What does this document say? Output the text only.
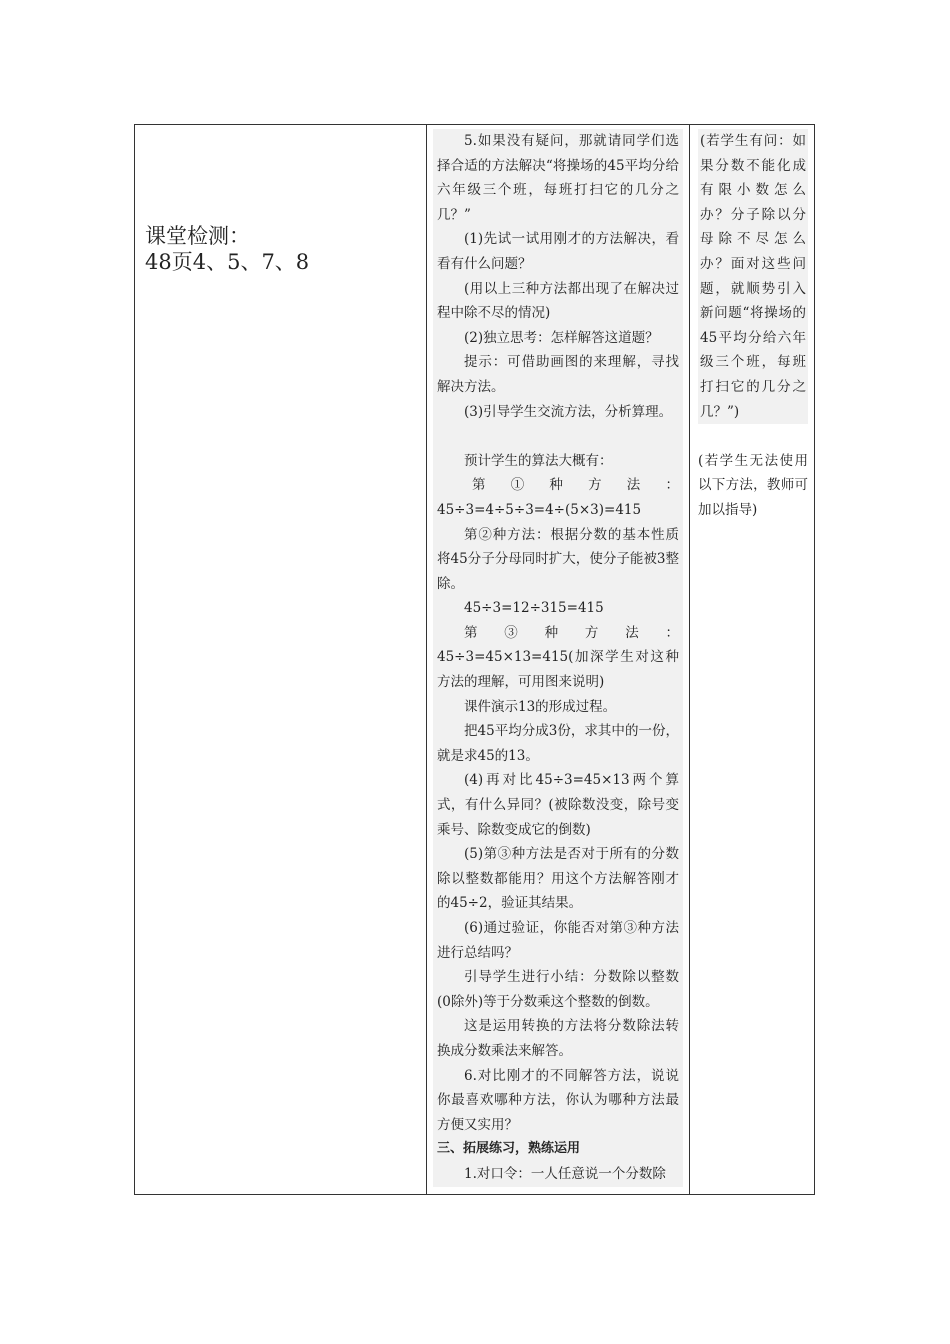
课堂检测：
48页4、5、7、8

5.如果没有疑问，那就请同学们选择合适的方法解决“将操场的45平均分给六年级三个班，每班打扫它的几分之几？”

(1)先试一试用刚才的方法解决，看看有什么问题？

(用以上三种方法都出现了在解决过程中除不尽的情况)

(2)独立思考：怎样解答这道题？

提示：可借助画图的来理解，寻找解决方法。

(3)引导学生交流方法，分析算理。

预计学生的算法大概有：

第 ① 种 方 法 ：

45÷3=4÷5÷3=4÷(5×3)=415

第②种方法：根据分数的基本性质将45分子分母同时扩大，使分子能被3整除。

45÷3=12÷315=415

第③种方法：45÷3=45×13=415(加深学生对这种方法的理解，可用图来说明)

课件演示13的形成过程。

把45平均分成3份，求其中的一份，就是求45的13。

(4)再对比45÷3=45×13两个算式，有什么异同？(被除数没变，除号变乘号、除数变成它的倒数)

(5)第③种方法是否对于所有的分数除以整数都能用？用这个方法解答刚才的45÷2，验证其结果。

(6)通过验证，你能否对第③种方法进行总结吗？

引导学生进行小结：分数除以整数(0除外)等于分数乘这个整数的倒数。

这是运用转换的方法将分数除法转换成分数乘法来解答。

6.对比刚才的不同解答方法，说说你最喜欢哪种方法，你认为哪种方法最方便又实用？

三、拓展练习，熟练运用

1.对口令：一人任意说一个分数除

(若学生有问：如果分数不能化成有限小数怎么办？分子除以分母除不尽怎么办？面对这些问题，就顺势引入新问题“将操场的45平均分给六年级三个班，每班打扫它的几分之几？”)

(若学生无法使用以下方法，教师可加以指导)
